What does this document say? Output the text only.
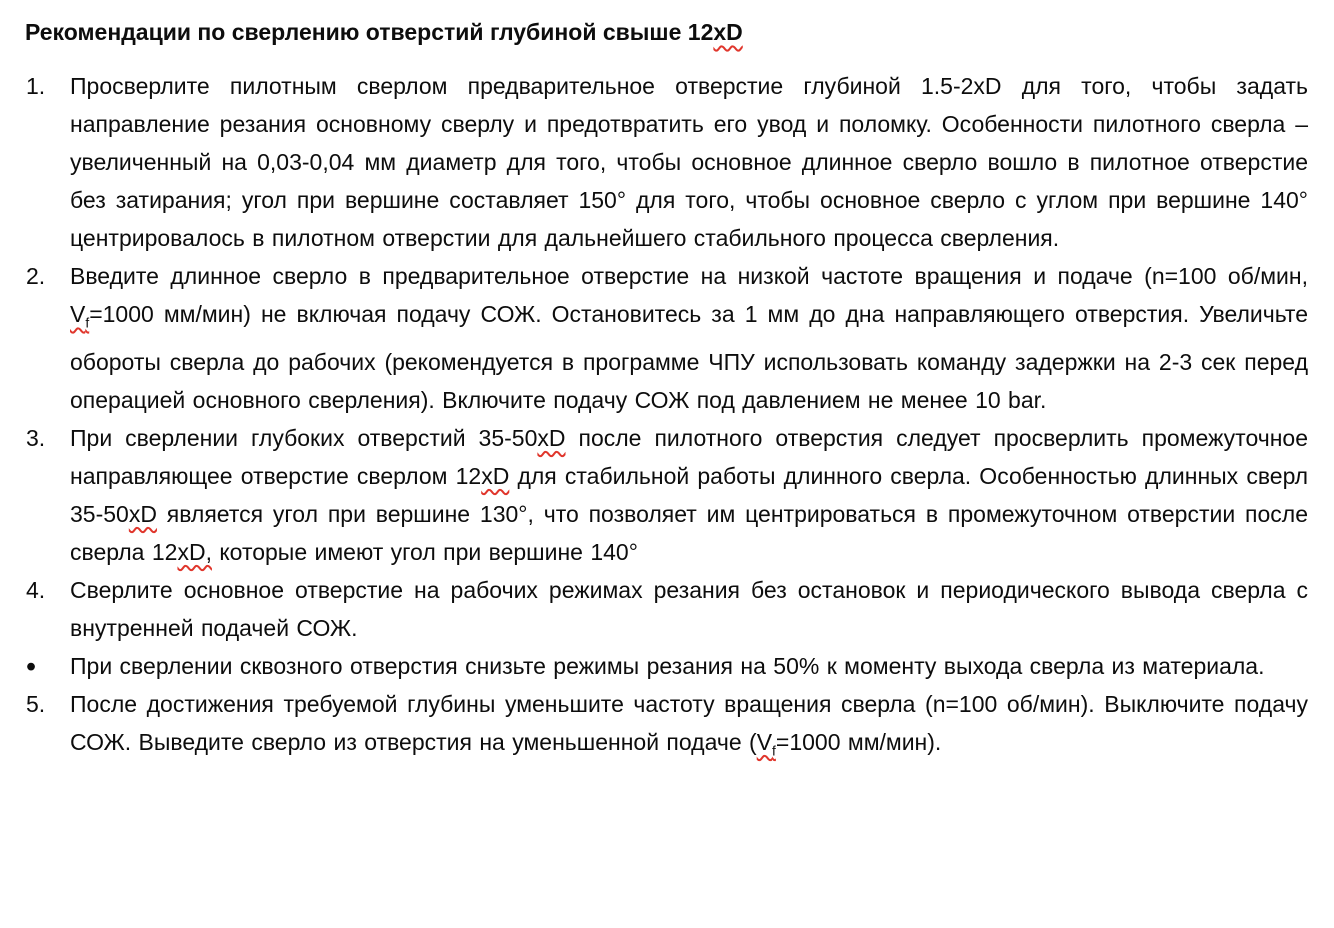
Рекомендации по сверлению отверстий глубиной свыше 12xD
1. Просверлите пилотным сверлом предварительное отверстие глубиной 1.5-2xD для того, чтобы задать направление резания основному сверлу и предотвратить его увод и поломку. Особенности пилотного сверла – увеличенный на 0,03-0,04 мм диаметр для того, чтобы основное длинное сверло вошло в пилотное отверстие без затирания; угол при вершине составляет 150° для того, чтобы основное сверло с углом при вершине 140° центрировалось в пилотном отверстии для дальнейшего стабильного процесса сверления.
2. Введите длинное сверло в предварительное отверстие на низкой частоте вращения и подаче (n=100 об/мин, $V_f=1000$ мм/мин) не включая подачу СОЖ. Остановитесь за 1 мм до дна направляющего отверстия. Увеличьте обороты сверла до рабочих (рекомендуется в программе ЧПУ использовать команду задержки на 2-3 сек перед операцией основного сверления). Включите подачу СОЖ под давлением не менее 10 bar.
3. При сверлении глубоких отверстий 35-50xD после пилотного отверстия следует просверлить промежуточное направляющее отверстие сверлом 12xD для стабильной работы длинного сверла. Особенностью длинных сверл 35-50xD является угол при вершине 130°, что позволяет им центрироваться в промежуточном отверстии после сверла 12xD, которые имеют угол при вершине 140°
4. Сверлите основное отверстие на рабочих режимах резания без остановок и периодического вывода сверла с внутренней подачей СОЖ.
• При сверлении сквозного отверстия снизьте режимы резания на 50% к моменту выхода сверла из материала.
5. После достижения требуемой глубины уменьшите частоту вращения сверла (n=100 об/мин). Выключите подачу СОЖ. Выведите сверло из отверстия на уменьшенной подаче ($V_f=1000$ мм/мин).
